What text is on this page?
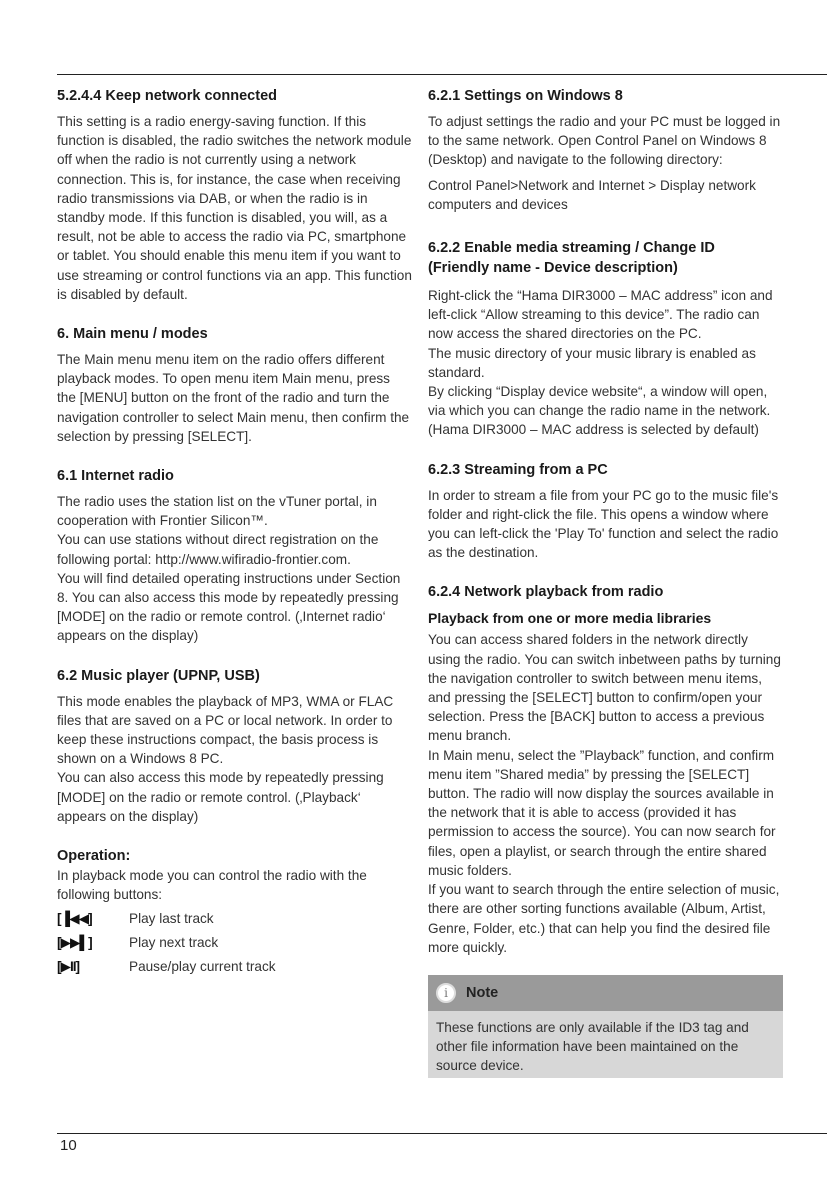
5.2.4.4 Keep network connected

This setting is a radio energy-saving function. If this function is disabled, the radio switches the network module off when the radio is not currently using a network connection. This is, for instance, the case when receiving radio transmissions via DAB, or when the radio is in standby mode. If this function is disabled, you will, as a result, not be able to access the radio via PC, smartphone or tablet. You should enable this menu item if you want to use streaming or control functions via an app. This function is disabled by default.

6. Main menu / modes

The Main menu menu item on the radio offers different playback modes. To open menu item Main menu, press the [MENU] button on the front of the radio and turn the navigation controller to select Main menu, then confirm the selection by pressing [SELECT].

6.1 Internet radio

The radio uses the station list on the vTuner portal, in cooperation with Frontier Silicon™.

You can use stations without direct registration on the following portal: http://www.wifiradio-frontier.com.

You will find detailed operating instructions under Section 8. You can also access this mode by repeatedly pressing [MODE] on the radio or remote control. (‚Internet radio‘ appears on the display)

6.2 Music player (UPNP, USB)

This mode enables the playback of MP3, WMA or FLAC files that are saved on a PC or local network. In order to keep these instructions compact, the basis process is shown on a Windows 8 PC.

You can also access this mode by repeatedly pressing [MODE] on the radio or remote control. (‚Playback‘ appears on the display)

Operation:

In playback mode you can control the radio with the following buttons:

[▐◀◀]	Play last track
[▶▶▌]	Play next track
[▶II]	Pause/play current track
6.2.1 Settings on Windows 8

To adjust settings the radio and your PC must be logged in to the same network. Open Control Panel on Windows 8 (Desktop) and navigate to the following directory:

Control Panel>Network and Internet > Display network computers and devices

6.2.2 Enable media streaming / Change ID
(Friendly name - Device description)

Right-click the “Hama DIR3000 – MAC address” icon and left-click “Allow streaming to this device”. The radio can now access the shared directories on the PC.

The music directory of your music library is enabled as standard.

By clicking “Display device website“, a window will open, via which you can change the radio name in the network. (Hama DIR3000 – MAC address is selected by default)

6.2.3 Streaming from a PC

In order to stream a file from your PC go to the music file's folder and right-click the file. This opens a window where you can left-click the 'Play To' function and select the radio as the destination.

6.2.4 Network playback from radio
Playback from one or more media libraries

You can access shared folders in the network directly using the radio. You can switch inbetween paths by turning the navigation controller to switch between menu items, and pressing the [SELECT] button to confirm/open your selection. Press the [BACK] button to access a previous menu branch.

In Main menu, select the ”Playback” function, and confirm menu item ”Shared media” by pressing the [SELECT] button. The radio will now display the sources available in the network that it is able to access (provided it has permission to access the source). You can now search for files, open a playlist, or search through the entire shared music folders.

If you want to search through the entire selection of music, there are other sorting functions available (Album, Artist, Genre, Folder, etc.) that can help you find the desired file more quickly.

i	Note

These functions are only available if the ID3 tag and other file information have been maintained on the source device.

10
